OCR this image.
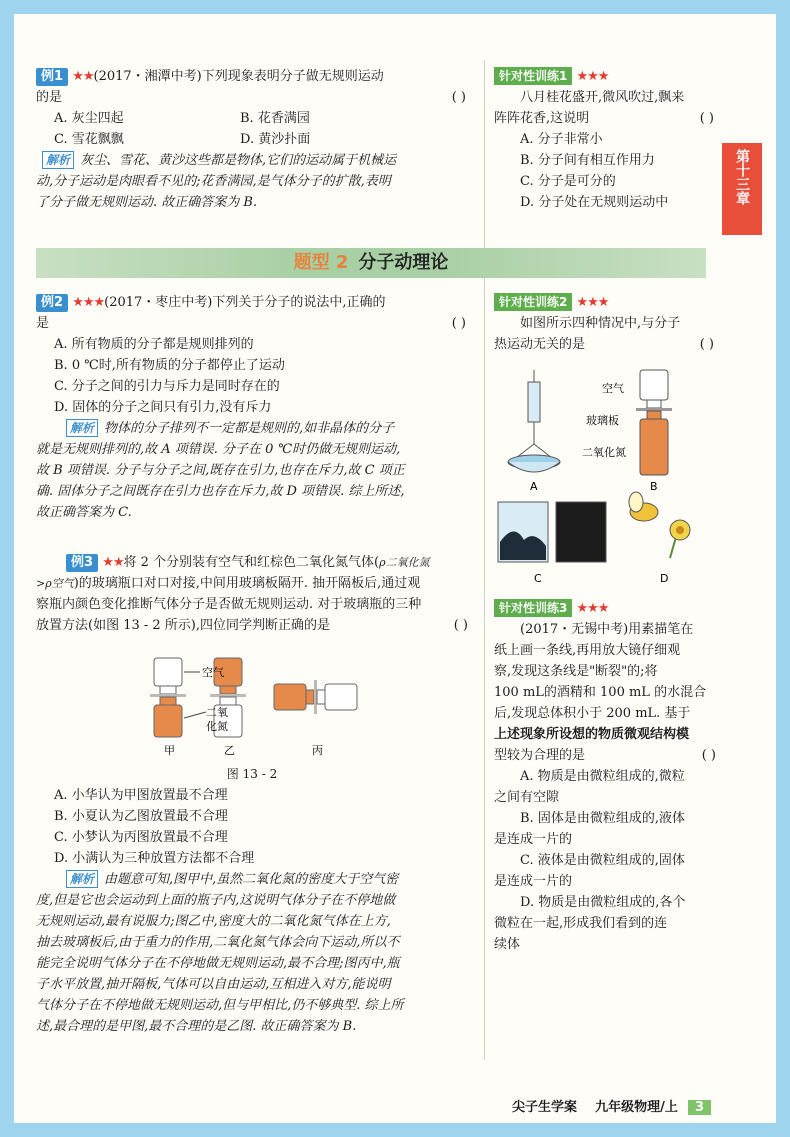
第十三章
例1 ★★(2017・湘潭中考)下列现象表明分子做无规则运动
的是	( )
A. 灰尘四起	B. 花香满园
C. 雪花飘飘	D. 黄沙扑面
解析 灰尘、雪花、黄沙这些都是物体,它们的运动属于机械运
动,分子运动是肉眼看不见的;花香满园,是气体分子的扩散,表明
了分子做无规则运动. 故正确答案为 B.
针对性训练1 ★★★
八月桂花盛开,微风吹过,飘来
阵阵花香,这说明	( )
A. 分子非常小
B. 分子间有相互作用力
C. 分子是可分的
D. 分子处在无规则运动中
题型 2 分子动理论
例2 ★★★(2017・枣庄中考)下列关于分子的说法中,正确的
是	( )
A. 所有物质的分子都是规则排列的
B. 0 ℃时,所有物质的分子都停止了运动
C. 分子之间的引力与斥力是同时存在的
D. 固体的分子之间只有引力,没有斥力
解析 物体的分子排列不一定都是规则的,如非晶体的分子
就是无规则排列的,故 A 项错误. 分子在 0 ℃时仍做无规则运动,
故 B 项错误. 分子与分子之间,既存在引力,也存在斥力,故 C 项正
确. 固体分子之间既存在引力也存在斥力,故 D 项错误. 综上所述,
故正确答案为 C.
例3 ★★将 2 个分别装有空气和红棕色二氧化氮气体(ρ二氧化氮
>ρ空气)的玻璃瓶口对口对接,中间用玻璃板隔开. 抽开隔板后,通过观
察瓶内颜色变化推断气体分子是否做无规则运动. 对于玻璃瓶的三种
放置方法(如图 13 - 2 所示),四位同学判断正确的是	( )
空气
二氧
化氮
甲	乙	丙
图 13 - 2
A. 小华认为甲图放置最不合理
B. 小夏认为乙图放置最不合理
C. 小梦认为丙图放置最不合理
D. 小满认为三种放置方法都不合理
解析 由题意可知,图甲中,虽然二氧化氮的密度大于空气密
度,但是它也会运动到上面的瓶子内,这说明气体分子在不停地做
无规则运动,最有说服力;图乙中,密度大的二氧化氮气体在上方,
抽去玻璃板后,由于重力的作用,二氧化氮气体会向下运动,所以不
能完全说明气体分子在不停地做无规则运动,最不合理;图丙中,瓶
子水平放置,抽开隔板,气体可以自由运动,互相进入对方,能说明
气体分子在不停地做无规则运动,但与甲相比,仍不够典型. 综上所
述,最合理的是甲图,最不合理的是乙图. 故正确答案为 B.
针对性训练2 ★★★
如图所示四种情况中,与分子
热运动无关的是	( )
A
空气
玻璃板
二氧化氮
B
C	D
针对性训练3 ★★★
(2017・无锡中考)用素描笔在
纸上画一条线,再用放大镜仔细观
察,发现这条线是"断裂"的;将
100 mL的酒精和 100 mL 的水混合
后,发现总体积小于 200 mL. 基于
上述现象所设想的物质微观结构模
型较为合理的是	( )
A. 物质是由微粒组成的,微粒
之间有空隙
B. 固体是由微粒组成的,液体
是连成一片的
C. 液体是由微粒组成的,固体
是连成一片的
D. 物质是由微粒组成的,各个
微粒在一起,形成我们看到的连
续体
尖子生学案 九年级物理/上 3
